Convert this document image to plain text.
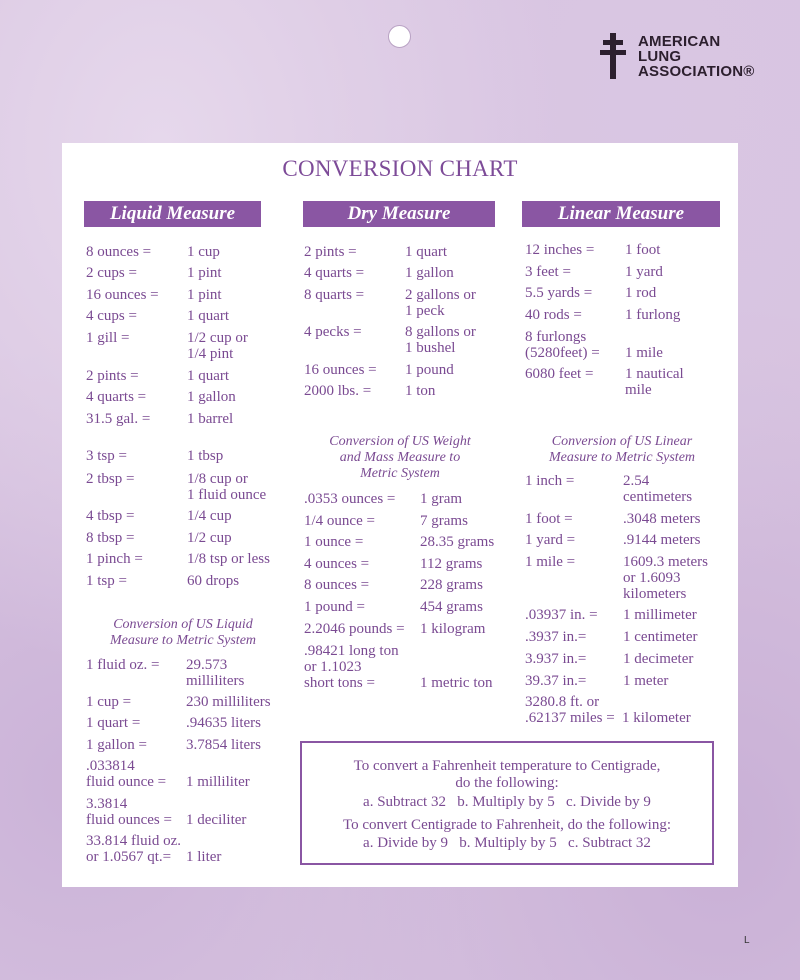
AMERICAN
LUNG
ASSOCIATION®
CONVERSION CHART
Liquid Measure	Dry Measure	Linear Measure
8 ounces = 1 cup
2 cups =	1 pint
16 ounces = 1 pint
4 cups =	1 quart
1 gill =	1/2 cup or
1/4 pint
2 pints =	1 quart
4 quarts =	1 gallon
31.5 gal. = 1 barrel
3 tsp =	1 tbsp
2 tbsp =	1/8 cup or
1 fluid ounce
4 tbsp =	1/4 cup
8 tbsp =	1/2 cup
1 pinch =	1/8 tsp or less
1 tsp =	60 drops
Conversion of US Liquid
Measure to Metric System
1 fluid oz. = 29.573
milliliters
1 cup =	230 milliliters
1 quart =	.94635 liters
1 gallon =	3.7854 liters
.033814
fluid ounce = 1 milliliter
3.3814
fluid ounces = 1 deciliter
33.814 fluid oz.
or 1.0567 qt.= 1 liter
2 pints =	1 quart
4 quarts =	1 gallon
8 quarts =	2 gallons or
1 peck
4 pecks =	8 gallons or
1 bushel
16 ounces = 1 pound
2000 lbs. = 1 ton
Conversion of US Weight
and Mass Measure to
Metric System
.0353 ounces = 1 gram
1/4 ounce =	7 grams
1 ounce =	28.35 grams
4 ounces =	112 grams
8 ounces =	228 grams
1 pound =	454 grams
2.2046 pounds = 1 kilogram
.98421 long ton
or 1.1023
short tons =	1 metric ton
12 inches = 1 foot
3 feet =	1 yard
5.5 yards = 1 rod
40 rods =	1 furlong
8 furlongs
(5280feet) = 1 mile
6080 feet = 1 nautical
mile
Conversion of US Linear
Measure to Metric System
1 inch =	2.54
centimeters
1 foot =	.3048 meters
1 yard =	.9144 meters
1 mile =	1609.3 meters
or 1.6093
kilometers
.03937 in. = 1 millimeter
.3937 in.= 1 centimeter
3.937 in.= 1 decimeter
39.37 in.= 1 meter
3280.8 ft. or
.62137 miles = 1 kilometer
To convert a Fahrenheit temperature to Centigrade,
do the following:
a. Subtract 32   b. Multiply by 5   c. Divide by 9
To convert Centigrade to Fahrenheit, do the following:
a. Divide by 9   b. Multiply by 5   c. Subtract 32
L
